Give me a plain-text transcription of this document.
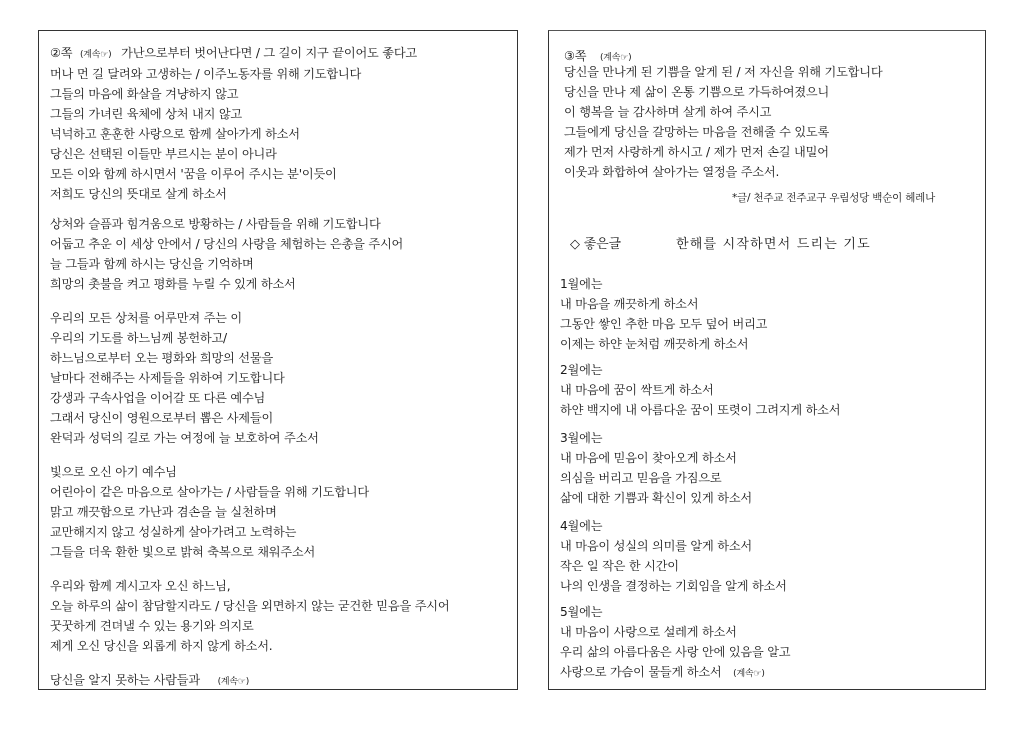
②쪽 (계속☞) 가난으로부터 벗어난다면 / 그 길이 지구 끝이어도 좋다고
머나 먼 길 달려와 고생하는 / 이주노동자를 위해 기도합니다
그들의 마음에 화살을 겨냥하지 않고
그들의 가녀린 육체에 상처 내지 않고
넉넉하고 훈훈한 사랑으로 함께 살아가게 하소서
당신은 선택된 이들만 부르시는 분이 아니라
모든 이와 함께 하시면서 '꿈을 이루어 주시는 분'이듯이
저희도 당신의 뜻대로 살게 하소서
상처와 슬픔과 힘겨움으로 방황하는 / 사람들을 위해 기도합니다
어둡고 추운 이 세상 안에서 / 당신의 사랑을 체험하는 은총을 주시어
늘 그들과 함께 하시는 당신을 기억하며
희망의 촛불을 켜고 평화를 누릴 수 있게 하소서
우리의 모든 상처를 어루만져 주는 이
우리의 기도를 하느님께 봉헌하고/
하느님으로부터 오는 평화와 희망의 선물을
날마다 전해주는 사제들을 위하여 기도합니다
강생과 구속사업을 이어갈 또 다른 예수님
그래서 당신이 영원으로부터 뽑은 사제들이
완덕과 성덕의 길로 가는 여정에 늘 보호하여 주소서
빛으로 오신 아기 예수님
어린아이 같은 마음으로 살아가는 / 사람들을 위해 기도합니다
맑고 깨끗함으로 가난과 겸손을 늘 실천하며
교만해지지 않고 성실하게 살아가려고 노력하는
그들을 더욱 환한 빛으로 밝혀 축복으로 채워주소서
우리와 함께 계시고자 오신 하느님,
오늘 하루의 삶이 참담할지라도 / 당신을 외면하지 않는 굳건한 믿음을 주시어
꿋꿋하게 견뎌낼 수 있는 용기와 의지로
제게 오신 당신을 외롭게 하지 않게 하소서.
당신을 알지 못하는 사람들과 (계속☞)
③쪽 (계속☞)
당신을 만나게 된 기쁨을 알게 된 / 저 자신을 위해 기도합니다
당신을 만나 제 삶이 온통 기쁨으로 가득하여졌으니
이 행복을 늘 감사하며 살게 하여 주시고
그들에게 당신을 갈망하는 마음을 전해줄 수 있도록
제가 먼저 사랑하게 하시고 / 제가 먼저 손길 내밀어
이웃과 화합하여 살아가는 열정을 주소서.
*글/ 천주교 전주교구 우림성당 백순이 헤레나
◇ 좋은글	한해를 시작하면서 드리는 기도
1월에는
내 마음을 깨끗하게 하소서
그동안 쌓인 추한 마음 모두 덮어 버리고
이제는 하얀 눈처럼 깨끗하게 하소서
2월에는
내 마음에 꿈이 싹트게 하소서
하얀 백지에 내 아름다운 꿈이 또렷이 그려지게 하소서
3월에는
내 마음에 믿음이 찾아오게 하소서
의심을 버리고 믿음을 가짐으로
삶에 대한 기쁨과 확신이 있게 하소서
4월에는
내 마음이 성실의 의미를 알게 하소서
작은 일 작은 한 시간이
나의 인생을 결정하는 기회임을 알게 하소서
5월에는
내 마음이 사랑으로 설레게 하소서
우리 삶의 아름다움은 사랑 안에 있음을 알고
사랑으로 가슴이 물들게 하소서 (계속☞)
